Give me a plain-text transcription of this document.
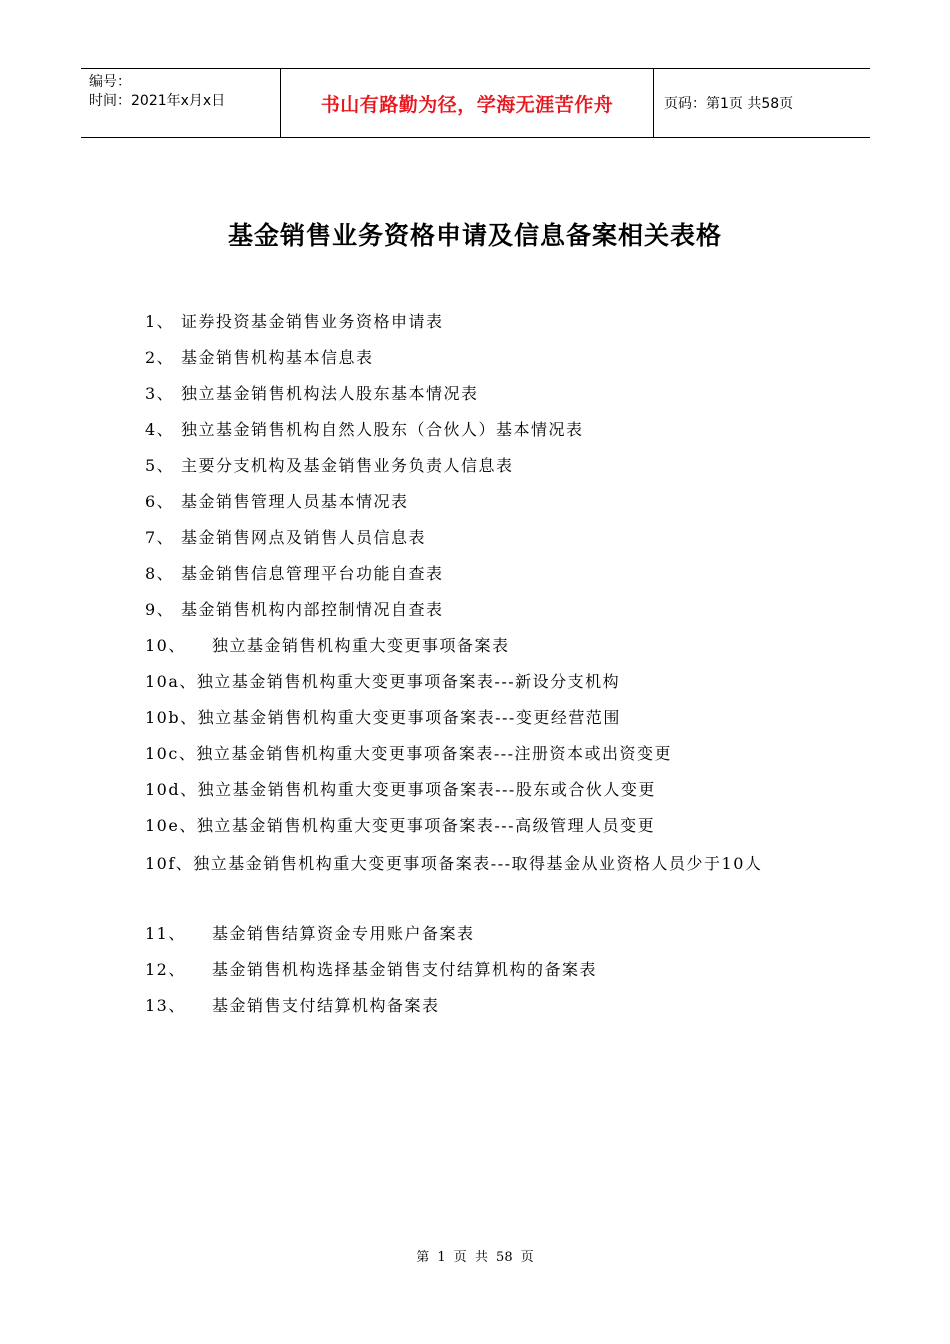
编号：
时间：2021年x月x日	书山有路勤为径，学海无涯苦作舟	页码：第1页 共58页
基金销售业务资格申请及信息备案相关表格
1、 证券投资基金销售业务资格申请表
2、 基金销售机构基本信息表
3、 独立基金销售机构法人股东基本情况表
4、 独立基金销售机构自然人股东（合伙人）基本情况表
5、 主要分支机构及基金销售业务负责人信息表
6、 基金销售管理人员基本情况表
7、 基金销售网点及销售人员信息表
8、 基金销售信息管理平台功能自查表
9、 基金销售机构内部控制情况自查表
10、 独立基金销售机构重大变更事项备案表
10a、独立基金销售机构重大变更事项备案表---新设分支机构
10b、独立基金销售机构重大变更事项备案表---变更经营范围
10c、独立基金销售机构重大变更事项备案表---注册资本或出资变更
10d、独立基金销售机构重大变更事项备案表---股东或合伙人变更
10e、独立基金销售机构重大变更事项备案表---高级管理人员变更
10f、独立基金销售机构重大变更事项备案表---取得基金从业资格人员少于10人
11、 基金销售结算资金专用账户备案表
12、 基金销售机构选择基金销售支付结算机构的备案表
13、 基金销售支付结算机构备案表
第 1 页 共 58 页
